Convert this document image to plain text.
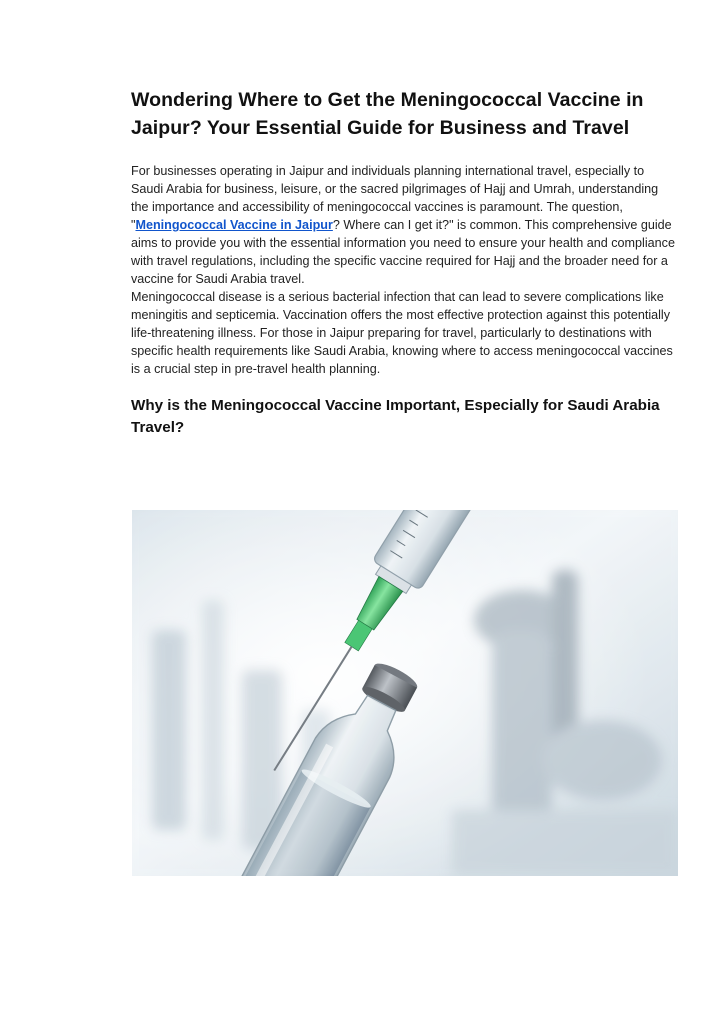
Wondering Where to Get the Meningococcal Vaccine in Jaipur? Your Essential Guide for Business and Travel

For businesses operating in Jaipur and individuals planning international travel, especially to Saudi Arabia for business, leisure, or the sacred pilgrimages of Hajj and Umrah, understanding the importance and accessibility of meningococcal vaccines is paramount. The question, "Meningococcal Vaccine in Jaipur? Where can I get it?" is common. This comprehensive guide aims to provide you with the essential information you need to ensure your health and compliance with travel regulations, including the specific vaccine required for Hajj and the broader need for a vaccine for Saudi Arabia travel.

Meningococcal disease is a serious bacterial infection that can lead to severe complications like meningitis and septicemia. Vaccination offers the most effective protection against this potentially life-threatening illness. For those in Jaipur preparing for travel, particularly to destinations with specific health requirements like Saudi Arabia, knowing where to access meningococcal vaccines is a crucial step in pre-travel health planning.

Why is the Meningococcal Vaccine Important, Especially for Saudi Arabia Travel?
